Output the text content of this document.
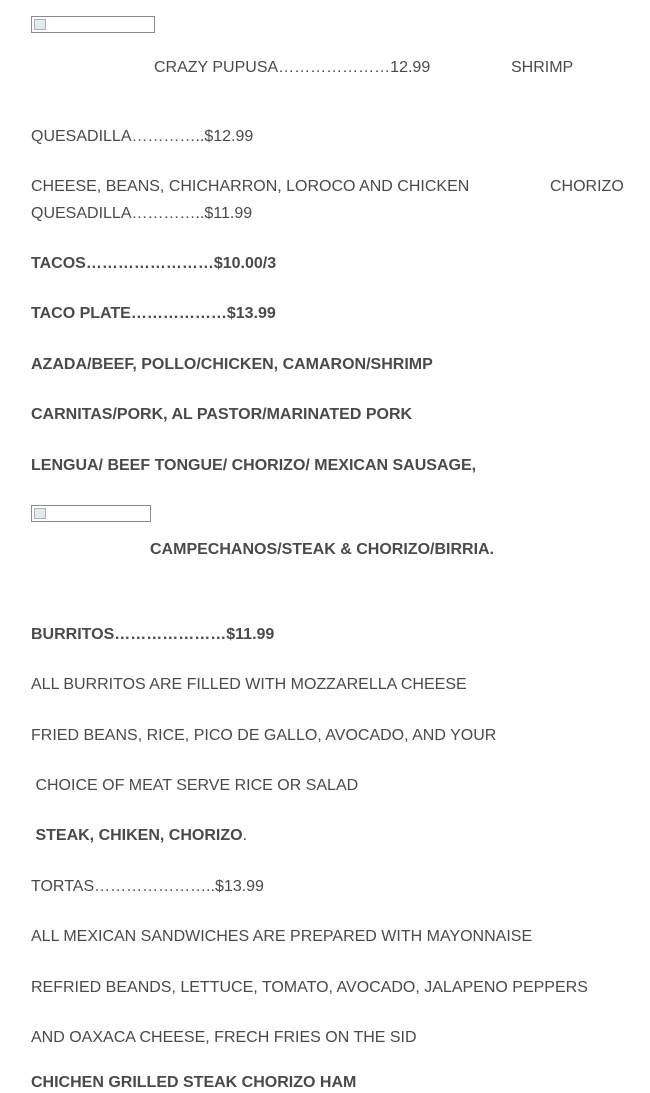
CRAZY PUPUSA…………………12.99	SHRIMP
QUESADILLA…………..$12.99
CHEESE, BEANS, CHICHARRON, LOROCO AND CHICKEN	CHORIZO
QUESADILLA…………..$11.99
TACOS……………………$10.00/3
TACO PLATE………………$13.99
AZADA/BEEF, POLLO/CHICKEN, CAMARON/SHRIMP
CARNITAS/PORK, AL PASTOR/MARINATED PORK
LENGUA/ BEEF TONGUE/ CHORIZO/ MEXICAN SAUSAGE,
CAMPECHANOS/STEAK & CHORIZO/BIRRIA.
BURRITOS…………………$11.99
ALL BURRITOS ARE FILLED WITH MOZZARELLA CHEESE
FRIED BEANS, RICE, PICO DE GALLO, AVOCADO, AND YOUR
CHOICE OF MEAT SERVE RICE OR SALAD
STEAK, CHIKEN, CHORIZO.
TORTAS…………………..$13.99
ALL MEXICAN SANDWICHES ARE PREPARED WITH MAYONNAISE
REFRIED BEANDS, LETTUCE, TOMATO, AVOCADO, JALAPENO PEPPERS
AND OAXACA CHEESE, FRECH FRIES ON THE SID
CHICHEN GRILLED STEAK CHORIZO HAM
